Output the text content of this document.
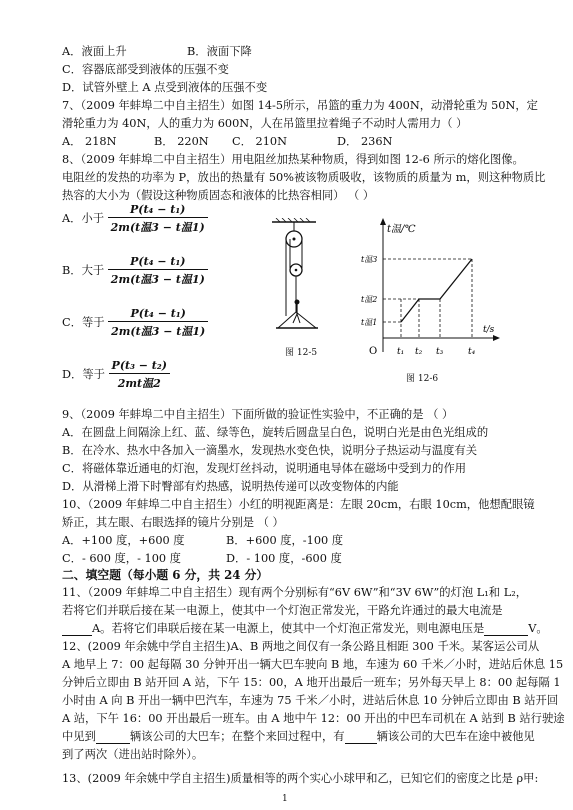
A．液面上升	B．液面下降
C．容器底部受到液体的压强不变
D．试管外壁上 A 点受到液体的压强不变
7、（2009 年蚌埠二中自主招生）如图 14-5所示，吊篮的重力为 400N，动滑轮重为 50N，定
滑轮重力为 40N，人的重力为 600N，人在吊篮里拉着绳子不动时人需用力（ ）
A． 218N	B． 220N C． 210N	D． 236N
8、（2009 年蚌埠二中自主招生）用电阻丝加热某种物质，得到如图 12-6 所示的熔化图像。
电阻丝的发热的功率为 P，放出的热量有 50%被该物质吸收，该物质的质量为 m，则这种物质比
热容的大小为（假设这种物质固态和液体的比热容相同） （ ）
A．小于 $\frac{\text{P(t₄ − t₁)}}{\text{2m(t温3 − t温1)}}$
B．大于 $\frac{\text{P(t₄ − t₁)}}{\text{2m(t温3 − t温1)}}$
C．等于 $\frac{\text{P(t₄ − t₁)}}{\text{2m(t温3 − t温1)}}$
D．等于 $\frac{\text{P(t₃ − t₂)}}{\text{2mt温2}}$
图 12-5
t温/℃
t/s
O
t温3
t温2
t温1
t₁ t₂ t₃	t₄
图 12-6
9、（2009 年蚌埠二中自主招生）下面所做的验证性实验中，不正确的是 （ ）
A．在圆盘上间隔涂上红、蓝、绿等色，旋转后圆盘呈白色，说明白光是由色光组成的
B．在冷水、热水中各加入一滴墨水，发现热水变色快，说明分子热运动与温度有关
C．将磁体靠近通电的灯泡，发现灯丝抖动，说明通电导体在磁场中受到力的作用
D．从滑梯上滑下时臀部有灼热感，说明热传递可以改变物体的内能
10、（2009 年蚌埠二中自主招生）小红的明视距离是：左眼 20cm，右眼 10cm，他想配眼镜
矫正，其左眼、右眼选择的镜片分别是 （ ）
A．+100 度，+600 度	B．+600 度，-100 度
C．- 600 度，- 100 度	D．- 100 度，-600 度
二、填空题（每小题 6 分，共 24 分）
11、（2009 年蚌埠二中自主招生）现有两个分别标有“6V 6W”和“3V 6W”的灯泡 L₁和 L₂，
若将它们并联后接在某一电源上，使其中一个灯泡正常发光，干路允许通过的最大电流是
A。若将它们串联后接在某一电源上，使其中一个灯泡正常发光，则电源电压是	V。
12、(2009 年余姚中学自主招生)A、B 两地之间仅有一条公路且相距 300 千米。某客运公司从
A 地早上 7：00 起每隔 30 分钟开出一辆大巴车驶向 B 地，车速为 60 千米／小时，进站后休息 15
分钟后立即由 B 站开回 A 站，下午 15：00，A 地开出最后一班车；另外每天早上 8：00 起每隔 1
小时由 A 向 B 开出一辆中巴汽车，车速为 75 千米／小时，进站后休息 10 分钟后立即由 B 站开回
A 站，下午 16：00 开出最后一班车。由 A 地中午 12：00 开出的中巴车司机在 A 站到 B 站行驶途
中见到	辆该公司的大巴车；在整个来回过程中，有	辆该公司的大巴车在途中被他见
到了两次（进出站时除外）。
13、(2009 年余姚中学自主招生)质量相等的两个实心小球甲和乙，已知它们的密度之比是 ρ甲:
1
